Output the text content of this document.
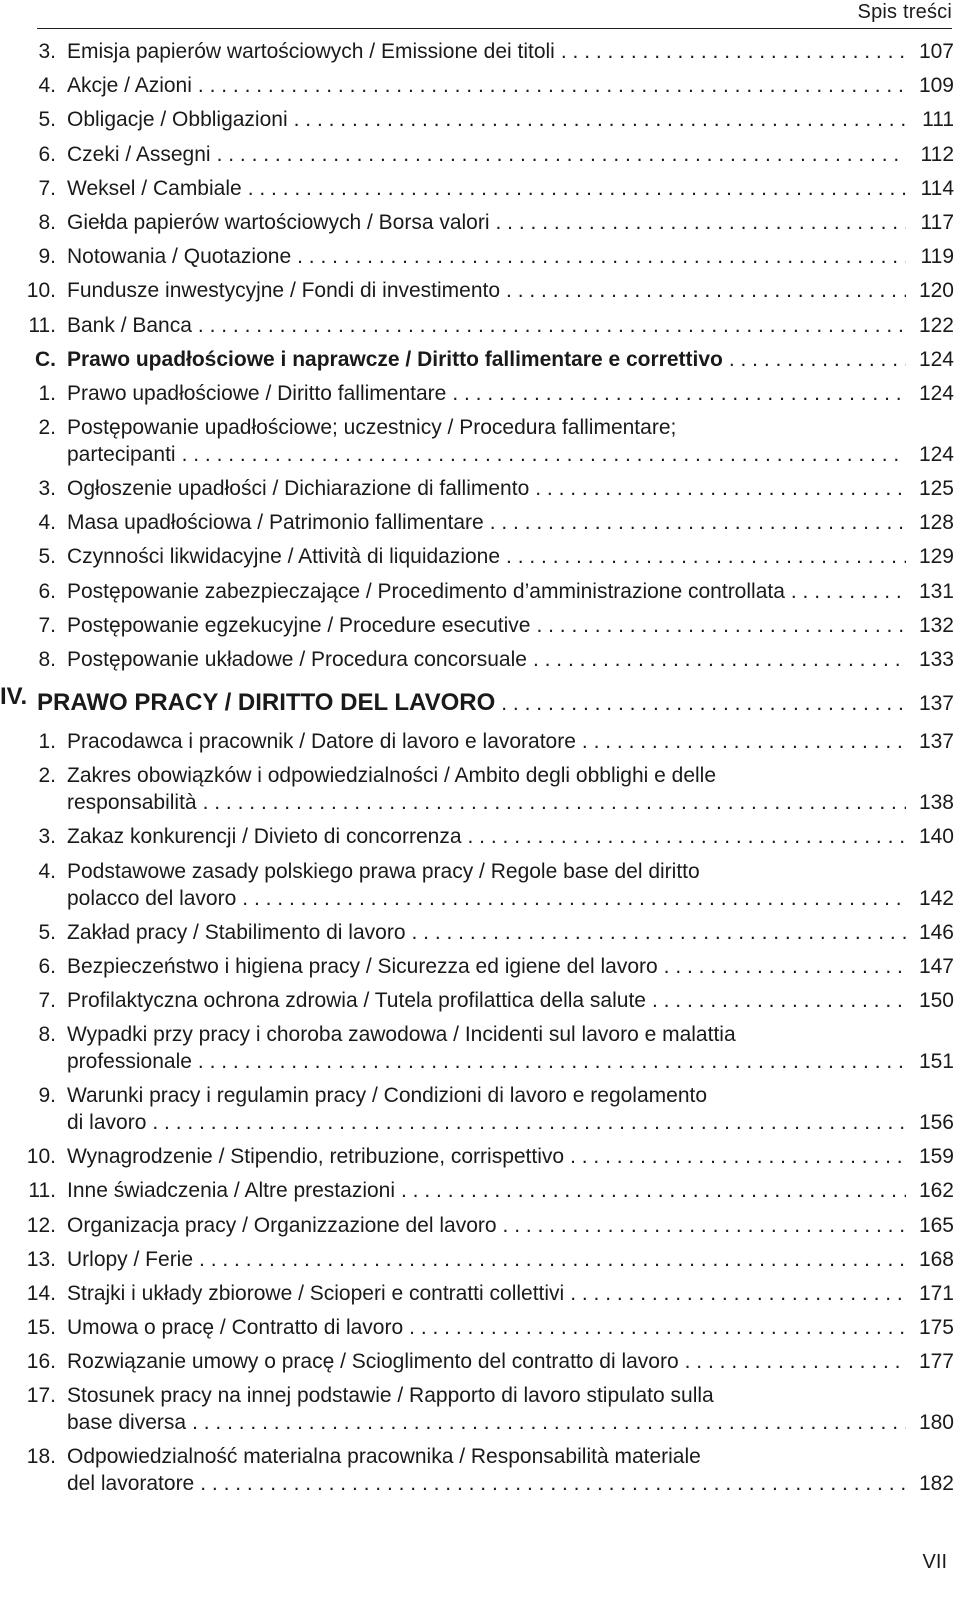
Spis treści
3. Emisja papierów wartościowych / Emissione dei titoli . . .	107
4. Akcje / Azioni . . .	109
5. Obligacje / Obbligazioni . . .	111
6. Czeki / Assegni . . .	112
7. Weksel / Cambiale . . .	114
8. Giełda papierów wartościowych / Borsa valori . . .	117
9. Notowania / Quotazione . . .	119
10. Fundusze inwestycyjne / Fondi di investimento . . .	120
11. Bank / Banca . . .	122
C. Prawo upadłościowe i naprawcze / Diritto fallimentare e correttivo . . .	124
1. Prawo upadłościowe / Diritto fallimentare . . .	124
2. Postępowanie upadłościowe; uczestnicy / Procedura fallimentare;
partecipanti . . .	124
3. Ogłoszenie upadłości / Dichiarazione di fallimento . . .	125
4. Masa upadłościowa / Patrimonio fallimentare . . .	128
5. Czynności likwidacyjne / Attività di liquidazione . . .	129
6. Postępowanie zabezpieczające / Procedimento d’amministrazione controllata . . .	131
7. Postępowanie egzekucyjne / Procedure esecutive . . .	132
8. Postępowanie układowe / Procedura concorsuale . . .	133
IV. PRAWO PRACY / DIRITTO DEL LAVORO . . .	137
1. Pracodawca i pracownik / Datore di lavoro e lavoratore . . .	137
2. Zakres obowiązków i odpowiedzialności / Ambito degli obblighi e delle
responsabilità . . .	138
3. Zakaz konkurencji / Divieto di concorrenza . . .	140
4. Podstawowe zasady polskiego prawa pracy / Regole base del diritto
polacco del lavoro . . .	142
5. Zakład pracy / Stabilimento di lavoro . . .	146
6. Bezpieczeństwo i higiena pracy / Sicurezza ed igiene del lavoro . . .	147
7. Profilaktyczna ochrona zdrowia / Tutela profilattica della salute . . .	150
8. Wypadki przy pracy i choroba zawodowa / Incidenti sul lavoro e malattia
professionale . . .	151
9. Warunki pracy i regulamin pracy / Condizioni di lavoro e regolamento
di lavoro . . .	156
10. Wynagrodzenie / Stipendio, retribuzione, corrispettivo . . .	159
11. Inne świadczenia / Altre prestazioni . . .	162
12. Organizacja pracy / Organizzazione del lavoro . . .	165
13. Urlopy / Ferie . . .	168
14. Strajki i układy zbiorowe / Scioperi e contratti collettivi . . .	171
15. Umowa o pracę / Contratto di lavoro . . .	175
16. Rozwiązanie umowy o pracę / Scioglimento del contratto di lavoro . . .	177
17. Stosunek pracy na innej podstawie / Rapporto di lavoro stipulato sulla
base diversa . . .	180
18. Odpowiedzialność materialna pracownika / Responsabilità materiale
del lavoratore . . .	182
VII
